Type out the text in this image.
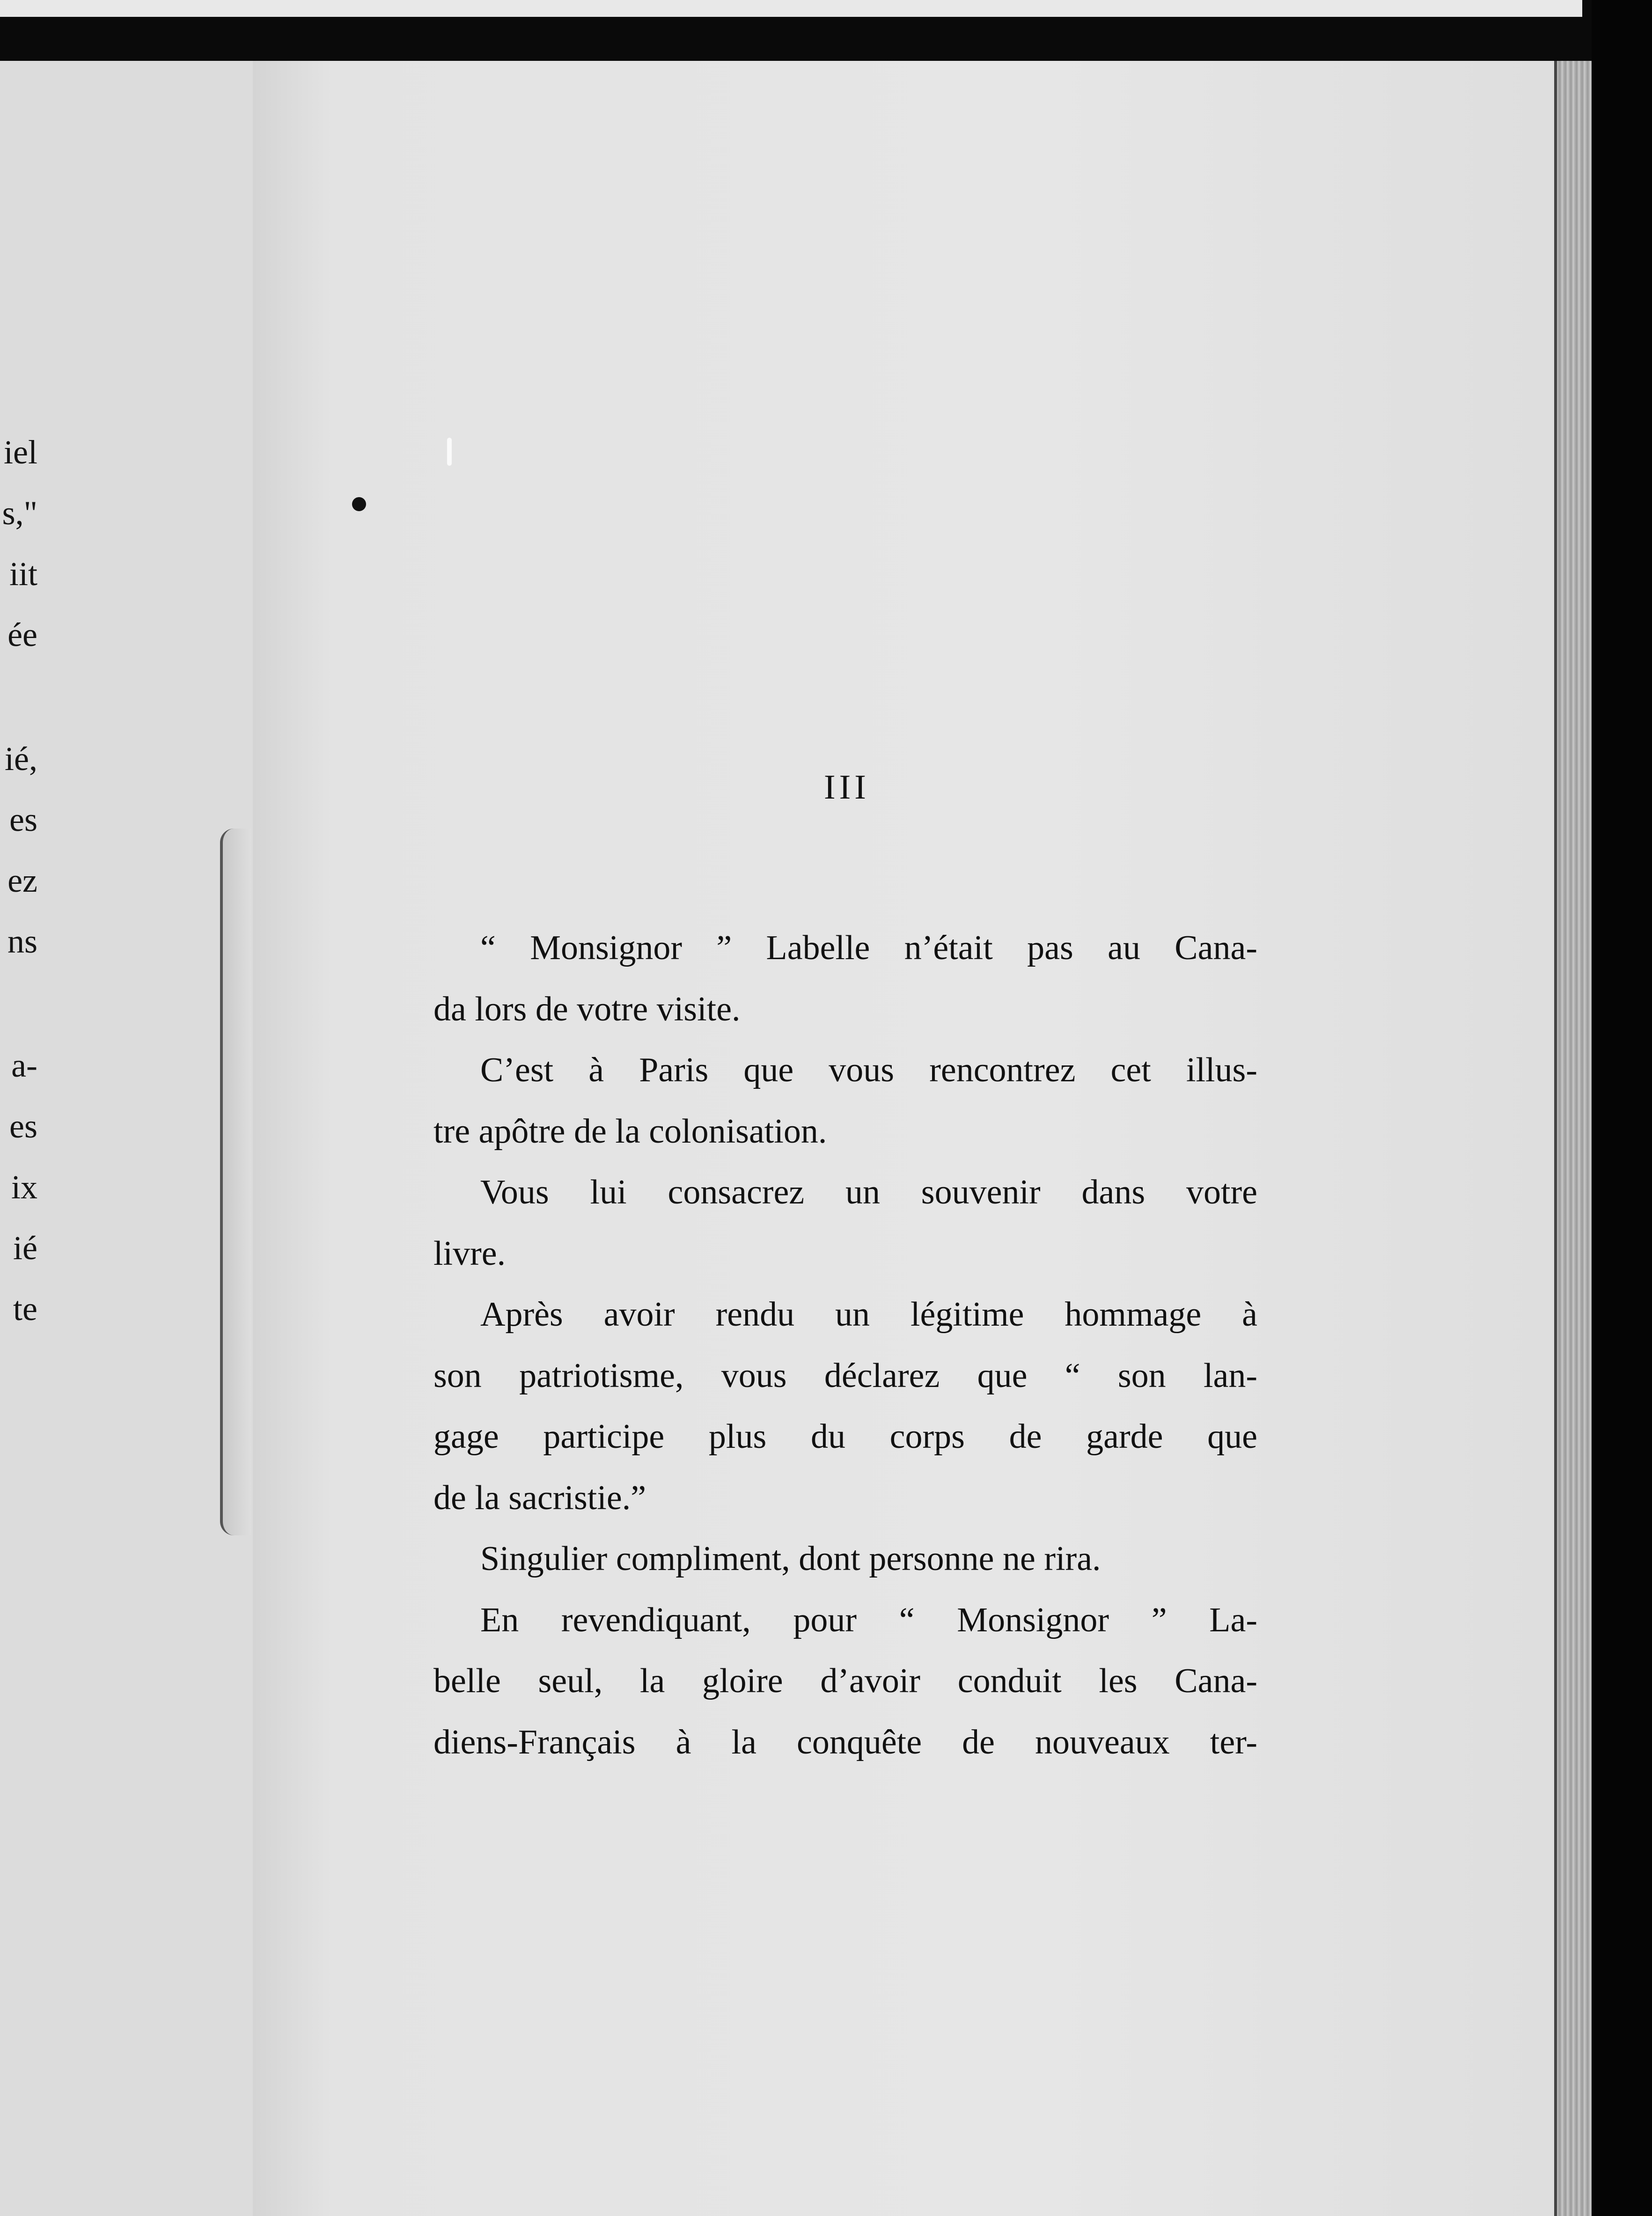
iel
s,"
iit
ée
ié,
es
ez
ns
a-
es
ix
ié
te
III
“ Monsignor ” Labelle n’était pas au Cana-
da lors de votre visite.
C’est à Paris que vous rencontrez cet illus-
tre apôtre de la colonisation.
Vous lui consacrez un souvenir dans votre
livre.
Après avoir rendu un légitime hommage à
son patriotisme, vous déclarez que “ son lan-
gage participe plus du corps de garde que
de la sacristie.”
Singulier compliment, dont personne ne rira.
En revendiquant, pour “ Monsignor ” La-
belle seul, la gloire d’avoir conduit les Cana-
diens-Français à la conquête de nouveaux ter-
